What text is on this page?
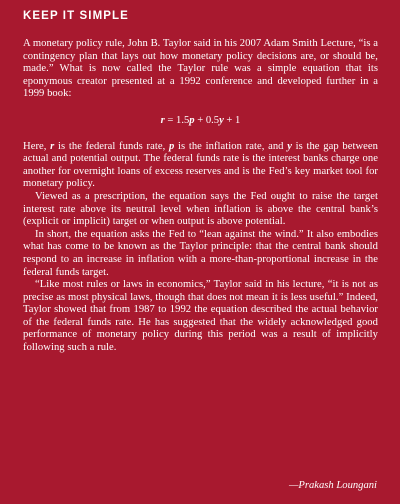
KEEP IT SIMPLE

A monetary policy rule, John B. Taylor said in his 2007 Adam Smith Lecture, “is a contingency plan that lays out how monetary policy decisions are, or should be, made.” What is now called the Taylor rule was a simple equation that its eponymous creator presented at a 1992 conference and developed further in a 1999 book:

r = 1.5p + 0.5y + 1

Here, r is the federal funds rate, p is the inflation rate, and y is the gap between actual and potential output. The federal funds rate is the interest banks charge one another for overnight loans of excess reserves and is the Fed’s key market tool for monetary policy.

Viewed as a prescription, the equation says the Fed ought to raise the target interest rate above its neutral level when inflation is above the central bank’s (explicit or implicit) target or when output is above potential.

In short, the equation asks the Fed to “lean against the wind.” It also embodies what has come to be known as the Taylor principle: that the central bank should respond to an increase in inflation with a more-than-proportional increase in the federal funds target.

“Like most rules or laws in economics,” Taylor said in his lecture, “it is not as precise as most physical laws, though that does not mean it is less useful.” Indeed, Taylor showed that from 1987 to 1992 the equation described the actual behavior of the federal funds rate. He has suggested that the widely acknowledged good performance of monetary policy during this period was a result of implicitly following such a rule.

—Prakash Loungani
